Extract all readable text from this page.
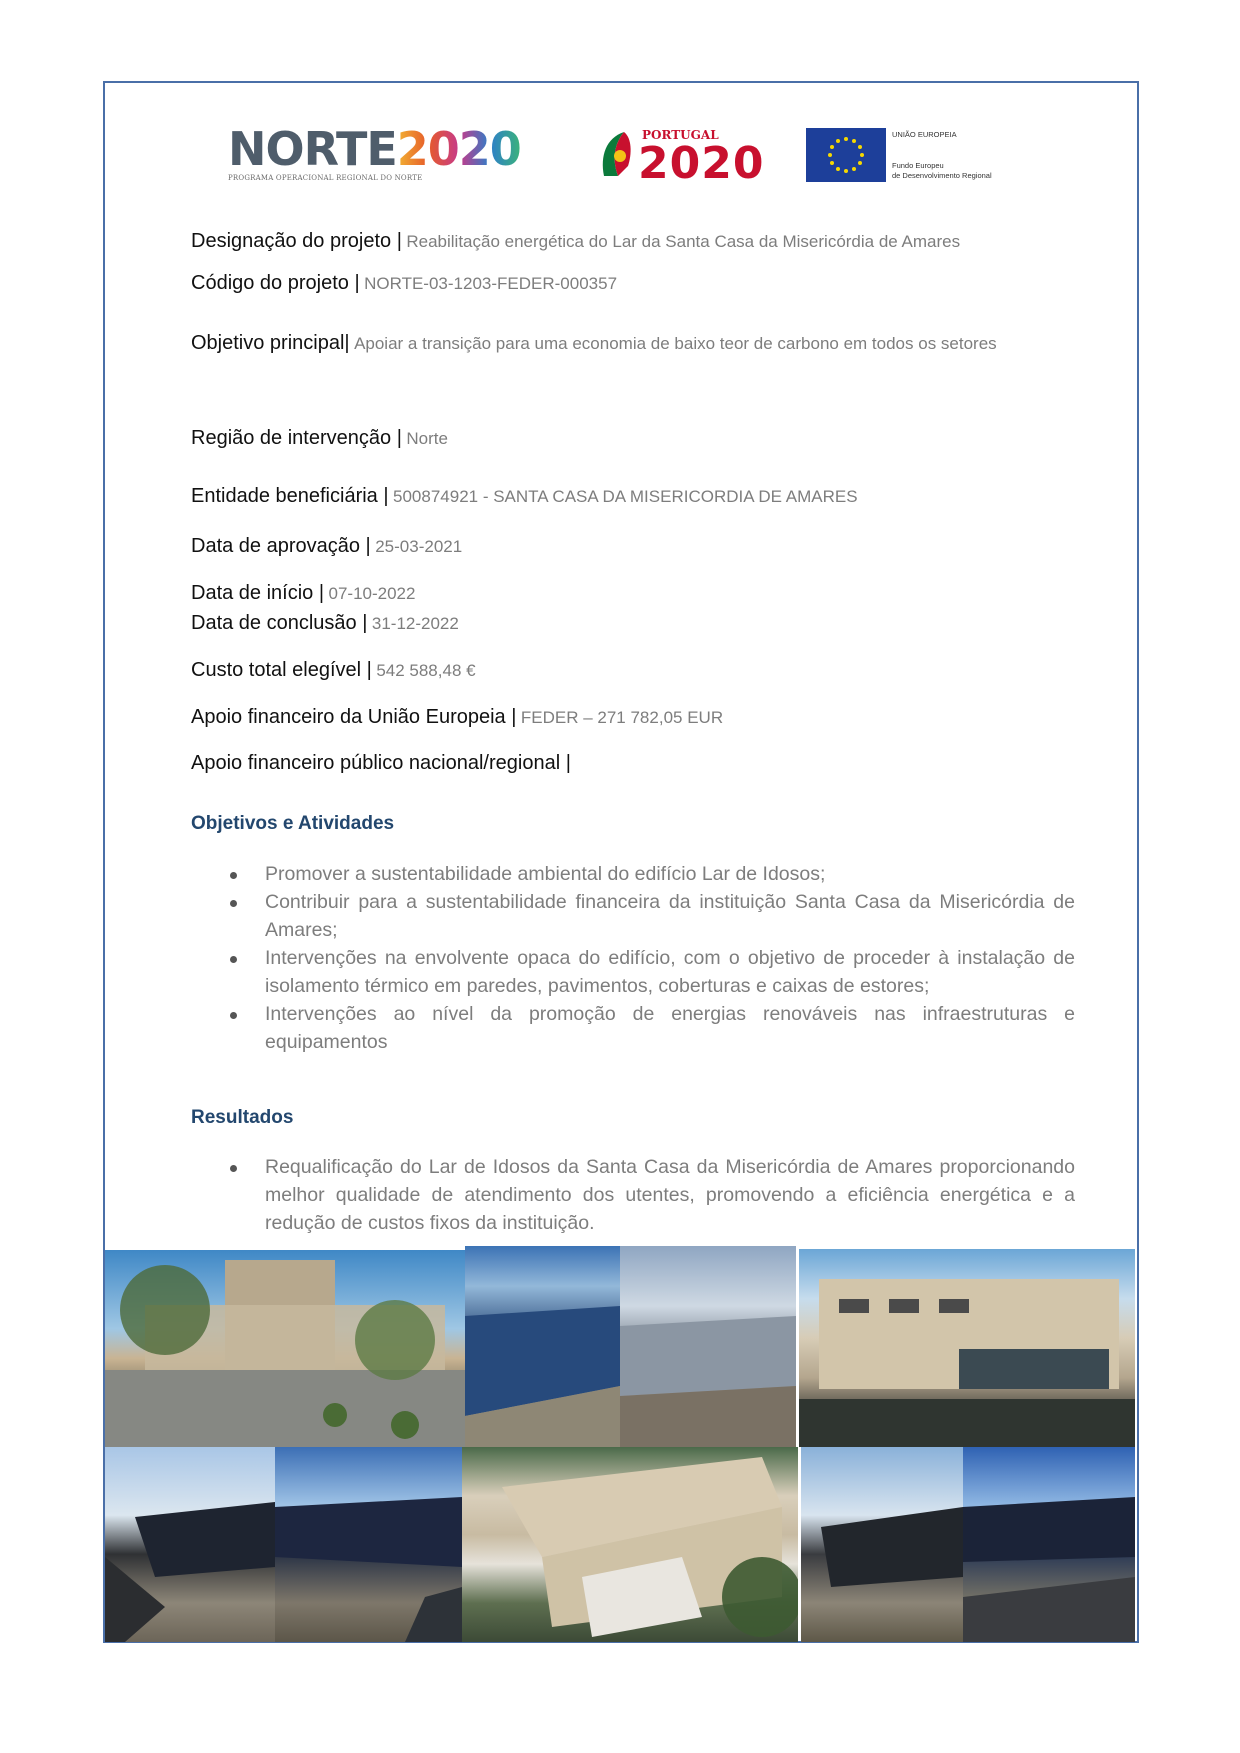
NORTE2020
PROGRAMA OPERACIONAL REGIONAL DO NORTE
PORTUGAL
2020
UNIÃO EUROPEIA
Fundo Europeu
de Desenvolvimento Regional
Designação do projeto | Reabilitação energética do Lar da Santa Casa da Misericórdia de Amares
Código do projeto | NORTE-03-1203-FEDER-000357
Objetivo principal| Apoiar a transição para uma economia de baixo teor de carbono em todos os setores
Região de intervenção | Norte
Entidade beneficiária | 500874921 - SANTA CASA DA MISERICORDIA DE AMARES
Data de aprovação | 25-03-2021
Data de início | 07-10-2022
Data de conclusão | 31-12-2022
Custo total elegível | 542 588,48 €
Apoio financeiro da União Europeia | FEDER – 271 782,05 EUR
Apoio financeiro público nacional/regional |
Objetivos e Atividades
Promover a sustentabilidade ambiental do edifício Lar de Idosos;
Contribuir para a sustentabilidade financeira da instituição Santa Casa da Misericórdia de Amares;
Intervenções na envolvente opaca do edifício, com o objetivo de proceder à instalação de isolamento térmico em paredes, pavimentos, coberturas e caixas de estores;
Intervenções ao nível da promoção de energias renováveis nas infraestruturas e equipamentos
Resultados
Requalificação do Lar de Idosos da Santa Casa da Misericórdia de Amares proporcionando melhor qualidade de atendimento dos utentes, promovendo a eficiência energética e a redução de custos fixos da instituição.
